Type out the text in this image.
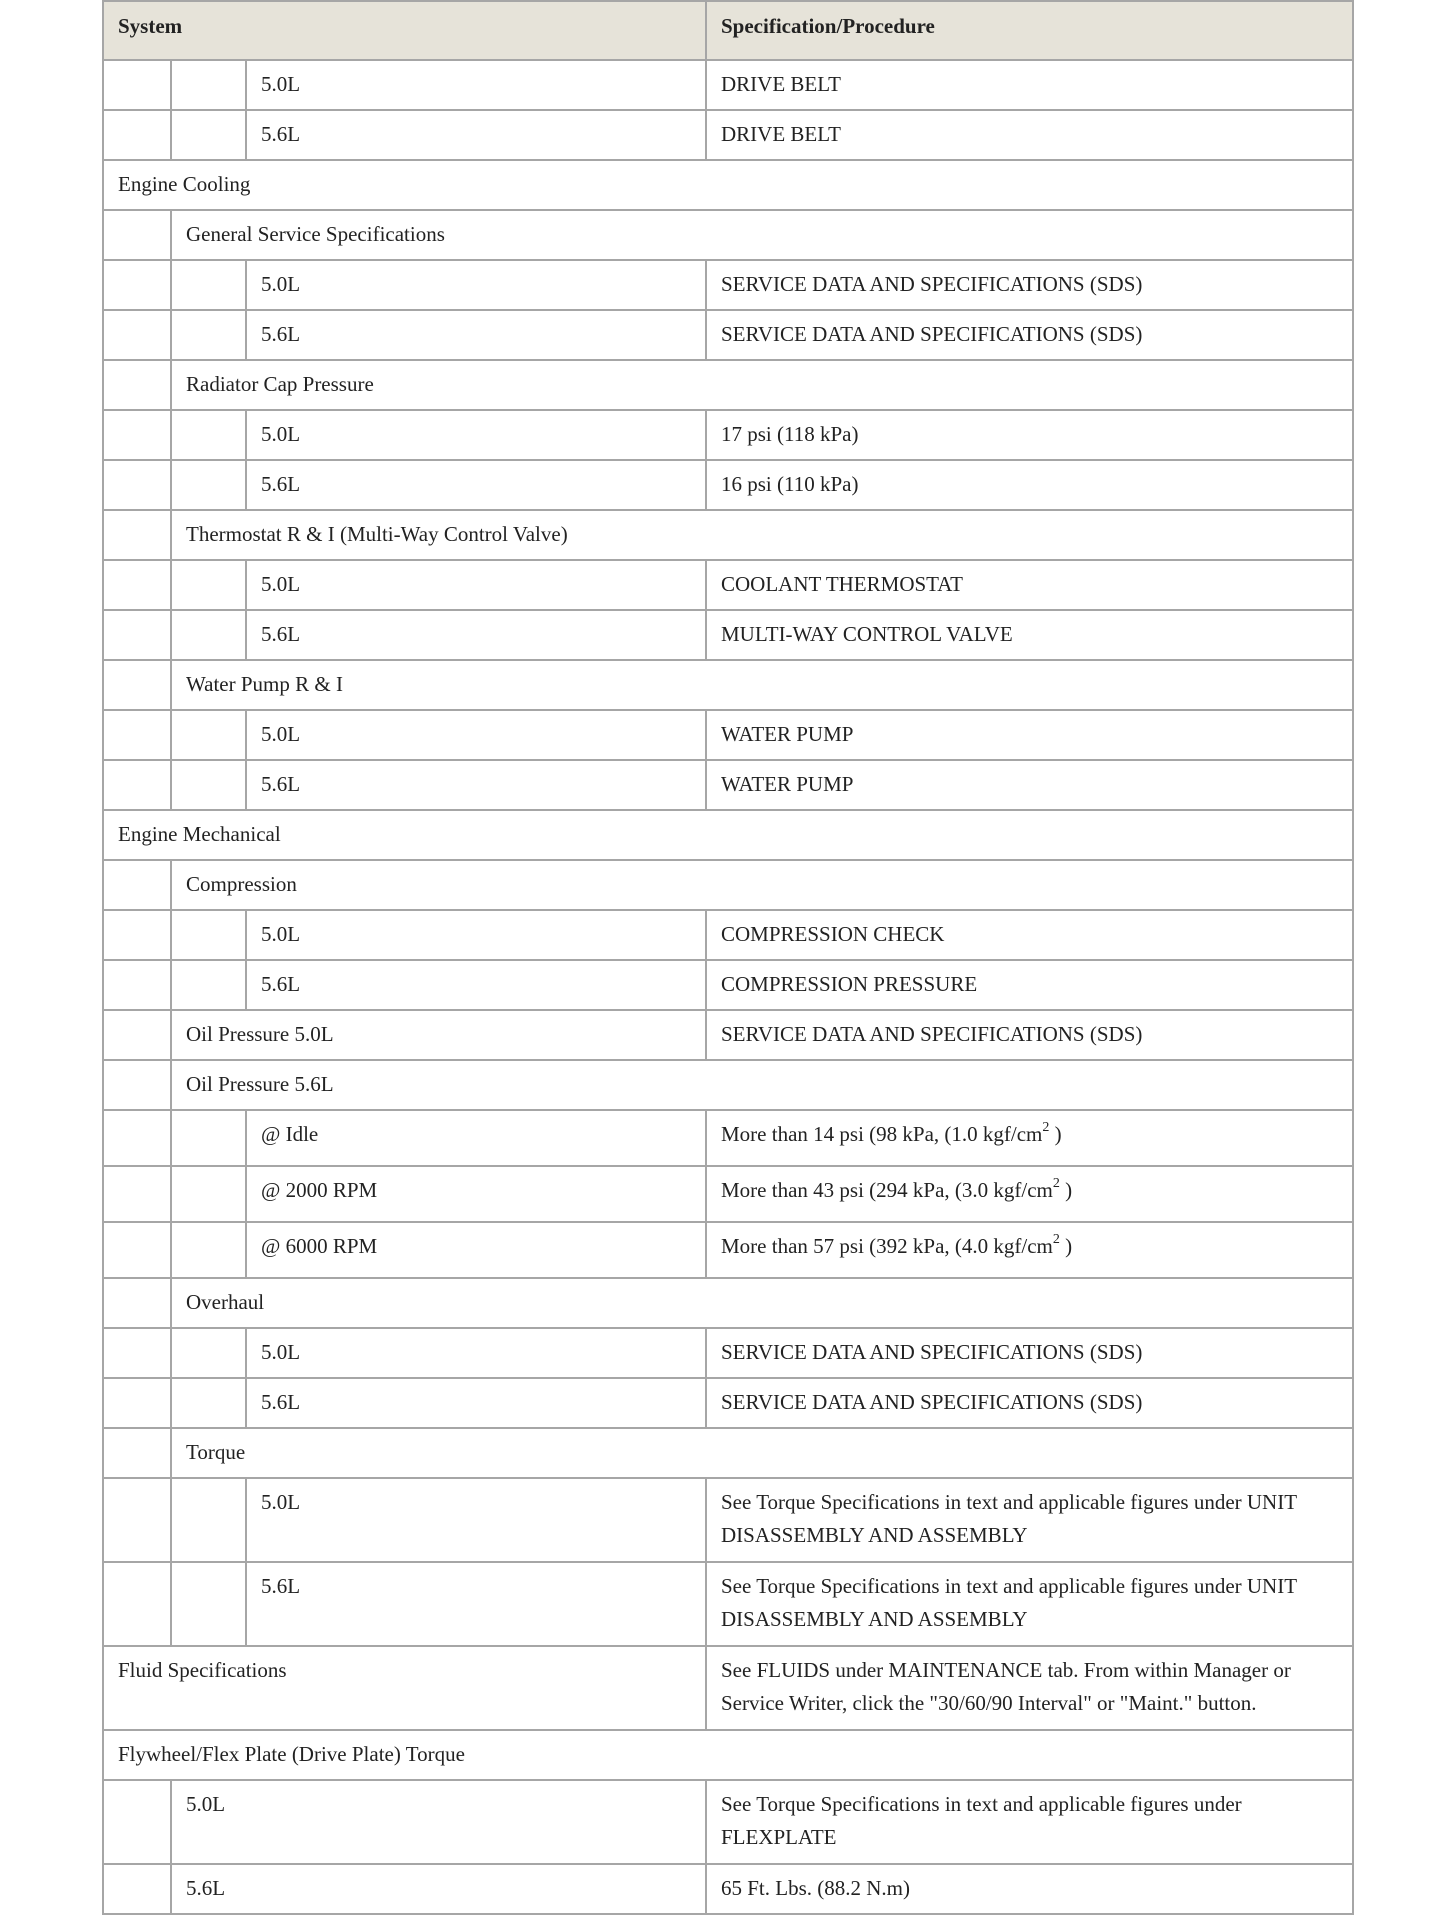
System			Specification/Procedure
		5.0L	DRIVE BELT
		5.6L	DRIVE BELT
Engine Cooling			
	General Service Specifications		
		5.0L	SERVICE DATA AND SPECIFICATIONS (SDS)
		5.6L	SERVICE DATA AND SPECIFICATIONS (SDS)
	Radiator Cap Pressure		
		5.0L	17 psi (118 kPa)
		5.6L	16 psi (110 kPa)
	Thermostat R & I (Multi-Way Control Valve)		
		5.0L	COOLANT THERMOSTAT
		5.6L	MULTI-WAY CONTROL VALVE
	Water Pump R & I		
		5.0L	WATER PUMP
		5.6L	WATER PUMP
Engine Mechanical			
	Compression		
		5.0L	COMPRESSION CHECK
		5.6L	COMPRESSION PRESSURE
	Oil Pressure 5.0L		SERVICE DATA AND SPECIFICATIONS (SDS)
	Oil Pressure 5.6L		
		@ Idle	More than 14 psi (98 kPa, (1.0 kgf/$cm^2$ )
		@ 2000 RPM	More than 43 psi (294 kPa, (3.0 kgf/$cm^2$ )
		@ 6000 RPM	More than 57 psi (392 kPa, (4.0 kgf/$cm^2$ )
	Overhaul		
		5.0L	SERVICE DATA AND SPECIFICATIONS (SDS)
		5.6L	SERVICE DATA AND SPECIFICATIONS (SDS)
	Torque		
		5.0L	See Torque Specifications in text and applicable figures under UNIT DISASSEMBLY AND ASSEMBLY
		5.6L	See Torque Specifications in text and applicable figures under UNIT DISASSEMBLY AND ASSEMBLY
Fluid Specifications			See FLUIDS under MAINTENANCE tab. From within Manager or Service Writer, click the "30/60/90 Interval" or "Maint." button.
Flywheel/Flex Plate (Drive Plate) Torque			
	5.0L		See Torque Specifications in text and applicable figures under FLEXPLATE
	5.6L		65 Ft. Lbs. (88.2 N.m)
